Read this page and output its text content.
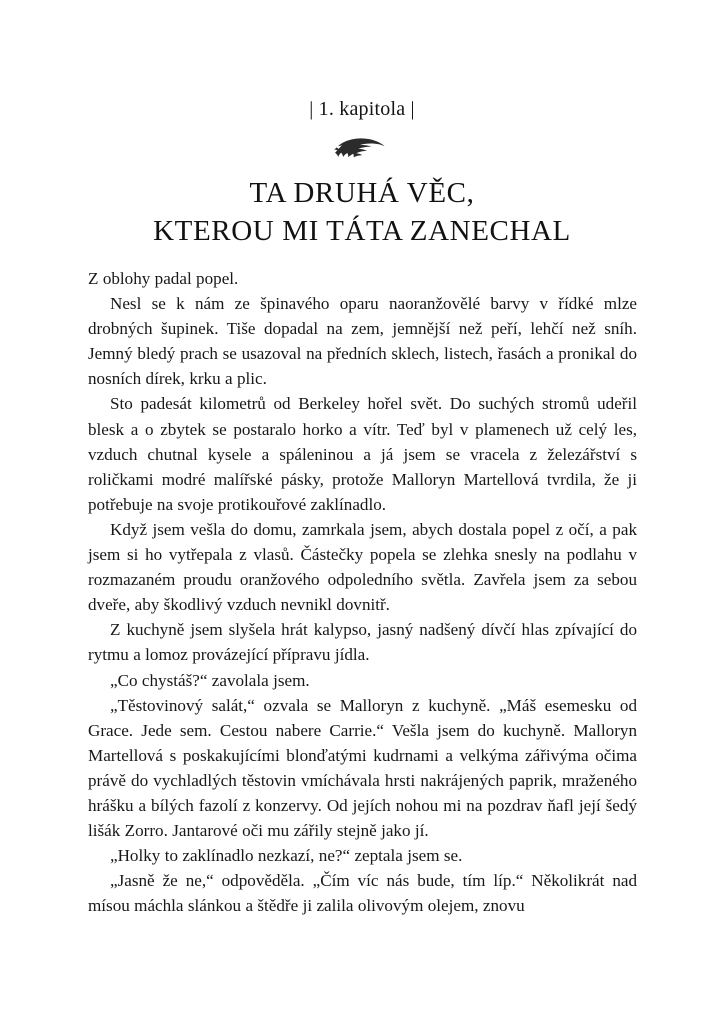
| 1. kapitola |
TA DRUHÁ VĚC,
KTEROU MI TÁTA ZANECHAL

Z oblohy padal popel.

Nesl se k nám ze špinavého oparu naoranžovělé barvy v řídké mlze drobných šupinek. Tiše dopadal na zem, jemnější než peří, lehčí než sníh. Jemný bledý prach se usazoval na předních sklech, listech, řasách a pronikal do nosních dírek, krku a plic.

Sto padesát kilometrů od Berkeley hořel svět. Do suchých stromů udeřil blesk a o zbytek se postaralo horko a vítr. Teď byl v plamenech už celý les, vzduch chutnal kysele a spáleninou a já jsem se vracela z železářství s roličkami modré malířské pásky, protože Malloryn Martellová tvrdila, že ji potřebuje na svoje protikouřové zaklínadlo.

Když jsem vešla do domu, zamrkala jsem, abych dostala popel z očí, a pak jsem si ho vytřepala z vlasů. Částečky popela se zlehka snesly na podlahu v rozmazaném proudu oranžového odpoledního světla. Zavřela jsem za sebou dveře, aby škodlivý vzduch nevnikl dovnitř.

Z kuchyně jsem slyšela hrát kalypso, jasný nadšený dívčí hlas zpívající do rytmu a lomoz provázející přípravu jídla.

„Co chystáš?“ zavolala jsem.

„Těstovinový salát,“ ozvala se Malloryn z kuchyně. „Máš esemesku od Grace. Jede sem. Cestou nabere Carrie.“ Vešla jsem do kuchyně. Malloryn Martellová s poskakujícími blonďatými kudrnami a velkýma zářivýma očima právě do vychladlých těstovin vmíchávala hrsti nakrájených paprik, mraženého hrášku a bílých fazolí z konzervy. Od jejích nohou mi na pozdrav ňafl její šedý lišák Zorro. Jantarové oči mu zářily stejně jako jí.

„Holky to zaklínadlo nezkazí, ne?“ zeptala jsem se.

„Jasně že ne,“ odpověděla. „Čím víc nás bude, tím líp.“ Několikrát nad mísou máchla slánkou a štědře ji zalila olivovým olejem, znovu
